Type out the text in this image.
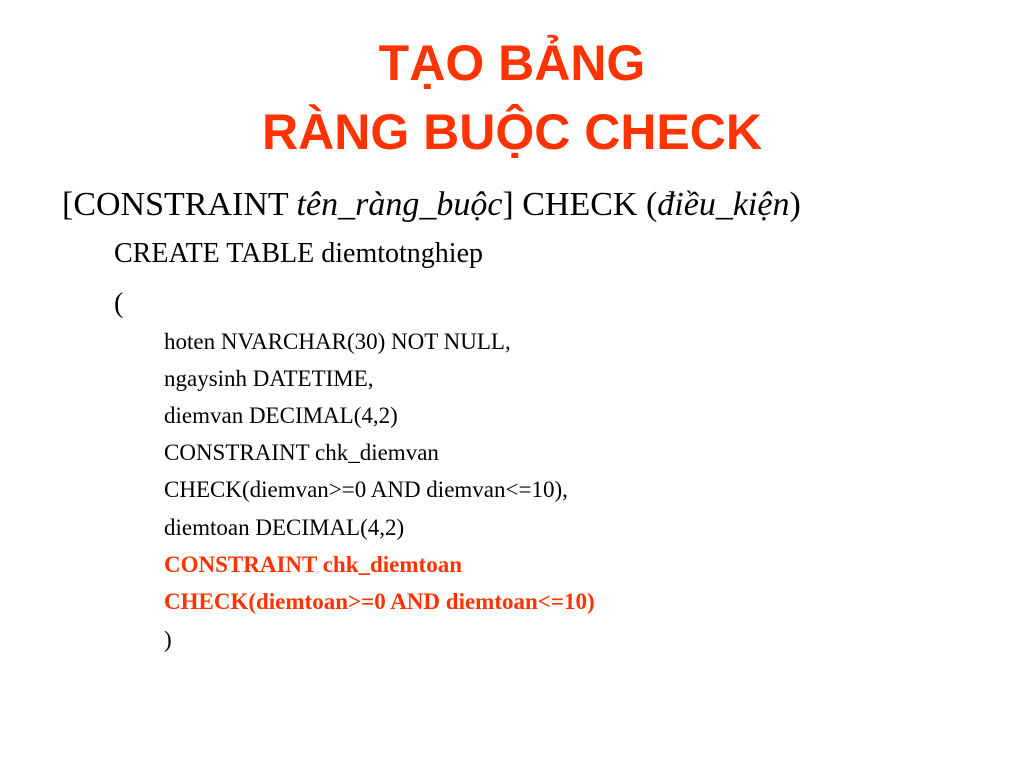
TẠO BẢNG
RÀNG BUỘC CHECK
[CONSTRAINT tên_ràng_buộc] CHECK (điều_kiện)
CREATE TABLE diemtotnghiep
(
hoten NVARCHAR(30) NOT NULL,
ngaysinh DATETIME,
diemvan DECIMAL(4,2)
CONSTRAINT chk_diemvan
CHECK(diemvan>=0 AND diemvan<=10),
diemtoan DECIMAL(4,2)
CONSTRAINT chk_diemtoan
CHECK(diemtoan>=0 AND diemtoan<=10)
)
